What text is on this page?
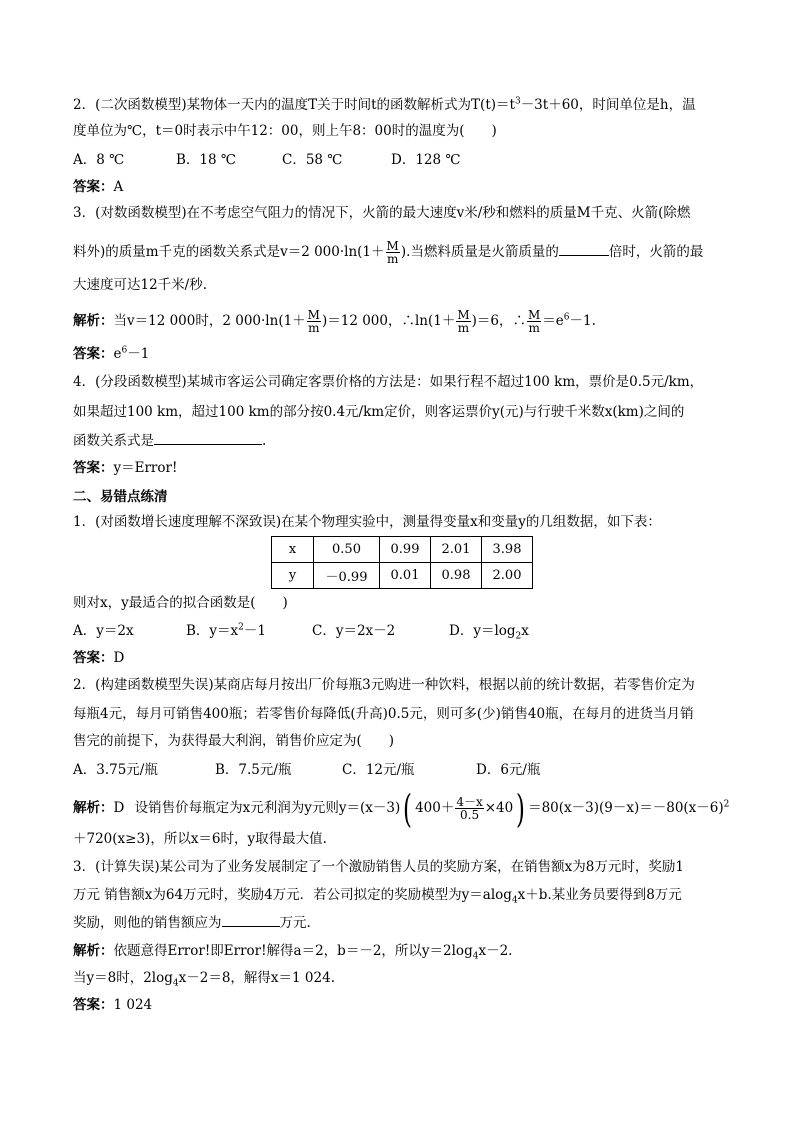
2．(二次函数模型)某物体一天内的温度T关于时间t的函数解析式为$T(t)=t^3-3t+60$，时间单位是h，温
度单位为℃，t＝0时表示中午12：00，则上午8：00时的温度为(　　)
A．8 ℃	B．18 ℃	C．58 ℃	D．128 ℃
答案：A
3．(对数函数模型)在不考虑空气阻力的情况下，火箭的最大速度v米/秒和燃料的质量M千克、火箭(除燃
料外)的质量m千克的函数关系式是v＝2 $000\cdot\ln(1+ \frac{M}{m}$ ).当燃料质量是火箭质量的	倍时，火箭的最
大速度可达12千米/秒.
解析：当v＝12 000时，2 $000\cdot\ln(1+ \frac{M}{m} )=12$ 000，∴ln(1＋ $\frac{M}{m} )=6$，∴ $\frac{M}{m} =e^6-1$.
答案：$e^6-1$
4．(分段函数模型)某城市客运公司确定客票价格的方法是：如果行程不超过100 km，票价是0.5元/km，
如果超过100 km，超过100 km的部分按0.4元/km定价，则客运票价y(元)与行驶千米数x(km)之间的
函数关系式是	.
答案：y＝Error!
二、易错点练清
1．(对函数增长速度理解不深致误)在某个物理实验中，测量得变量x和变量y的几组数据，如下表：
x	0.50	0.99	2.01	3.98
y	－0.99	0.01	0.98	2.00
则对x，y最适合的拟合函数是(　　)
A．y＝2x	B．$y=x^2-1$	C．y＝2x－2	D．$y=\log_2x$
答案：D
2．(构建函数模型失误)某商店每月按出厂价每瓶3元购进一种饮料，根据以前的统计数据，若零售价定为
每瓶4元，每月可销售400瓶；若零售价每降低(升高)0.5元，则可多(少)销售40瓶，在每月的进货当月销
售完的前提下，为获得最大利润，销售价应定为(　　)
A．3.75元/瓶	B．7.5元/瓶	C．12元/瓶	D．6元/瓶
解析：D 设销售价每瓶定为x元利润为y元则y＝(x－3)( $400+ \frac{4-x}{0.5} \times 40) =80(x-3)(9-x)=-80(x-6)^2$
＋720(x≥3)，所以x＝6时，y取得最大值.
3．(计算失误)某公司为了业务发展制定了一个激励销售人员的奖励方案，在销售额x为8万元时，奖励1
万元 销售额x为64万元时，奖励4万元．若公司拟定的奖励模型为y＝alog$_4$x＋b.某业务员要得到8万元
奖励，则他的销售额应为	万元.
解析：依题意得Error!即Error!解得a＝2，b＝－2，所以$y=2\log_4x-2$.
当y＝8时，$2\log_4x-2=8$，解得x＝1 024.
答案：1 024
